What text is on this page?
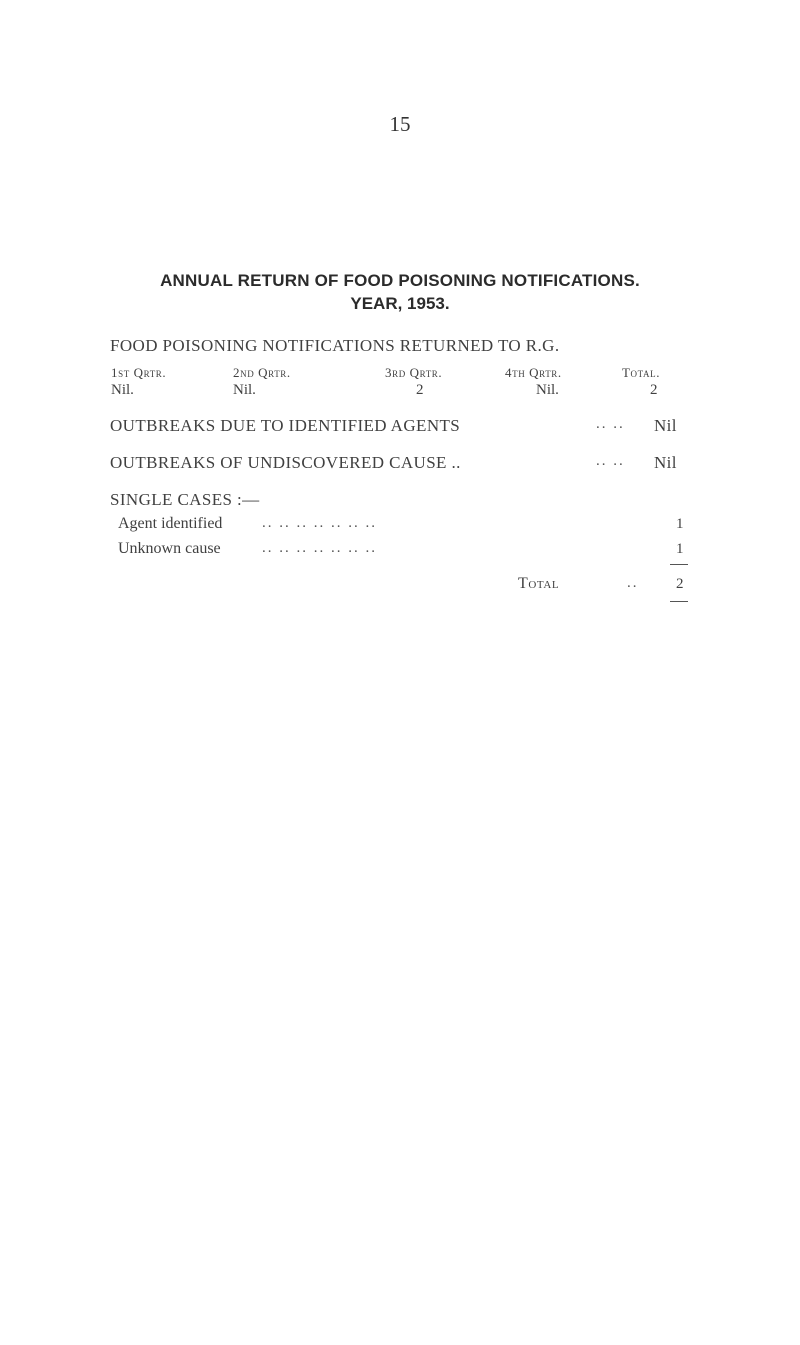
15
ANNUAL RETURN OF FOOD POISONING NOTIFICATIONS.
YEAR, 1953.
FOOD POISONING NOTIFICATIONS RETURNED TO R.G.
1st Qrtr.	2nd Qrtr.	3rd Qrtr.	4th Qrtr.	Total.
Nil.	Nil.	2	Nil.	2
OUTBREAKS DUE TO IDENTIFIED AGENTS	.. .. Nil
OUTBREAKS OF UNDISCOVERED CAUSE ..	.. .. Nil
SINGLE CASES :—
Agent identified	.. .. .. .. .. .. ..	1
Unknown cause	.. .. .. .. .. .. ..	1
Total	..	2
